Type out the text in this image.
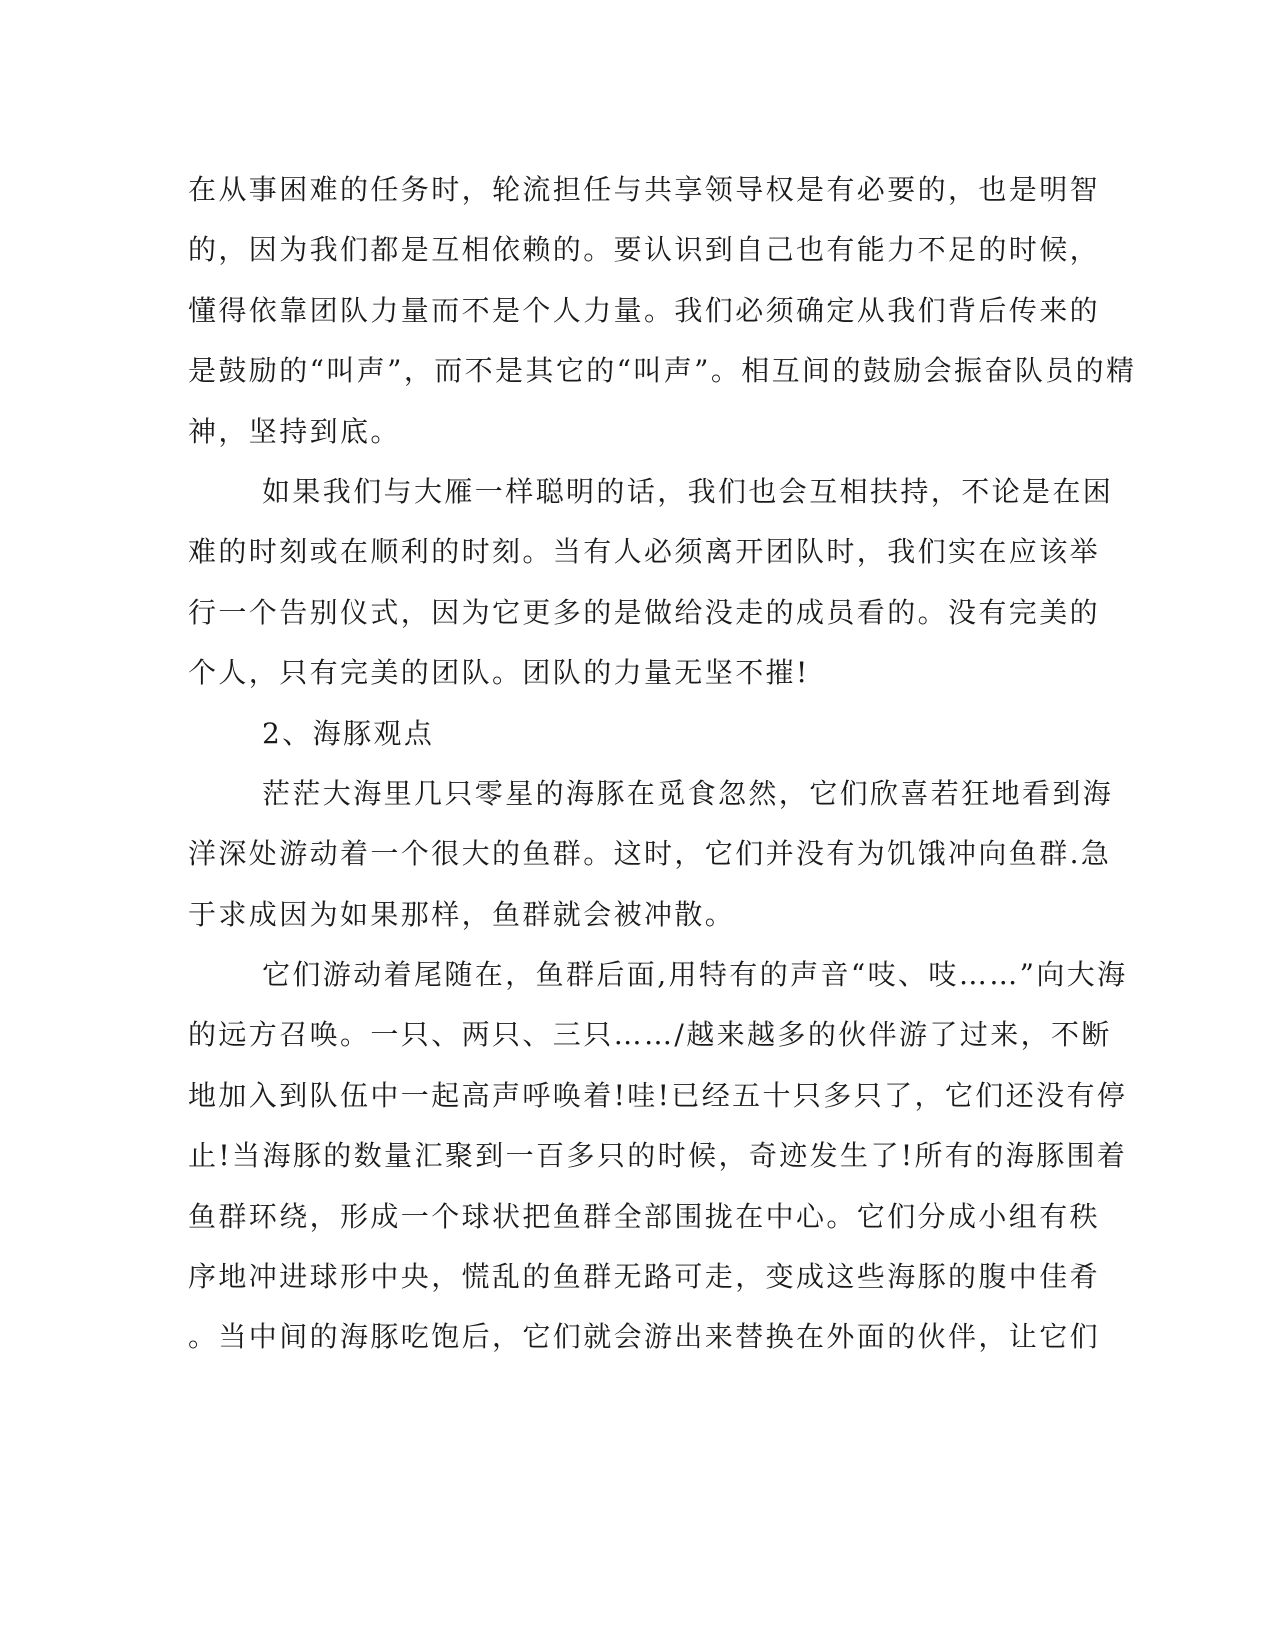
在从事困难的任务时，轮流担任与共享领导权是有必要的，也是明智
的，因为我们都是互相依赖的。要认识到自己也有能力不足的时候，
懂得依靠团队力量而不是个人力量。我们必须确定从我们背后传来的
是鼓励的“叫声”，而不是其它的“叫声”。相互间的鼓励会振奋队员的精
神，坚持到底。
如果我们与大雁一样聪明的话，我们也会互相扶持，不论是在困
难的时刻或在顺利的时刻。当有人必须离开团队时，我们实在应该举
行一个告别仪式，因为它更多的是做给没走的成员看的。没有完美的
个人，只有完美的团队。团队的力量无坚不摧!
2、海豚观点
茫茫大海里几只零星的海豚在觅食忽然，它们欣喜若狂地看到海
洋深处游动着一个很大的鱼群。这时，它们并没有为饥饿冲向鱼群.急
于求成因为如果那样，鱼群就会被冲散。
它们游动着尾随在，鱼群后面,用特有的声音“吱、吱……”向大海
的远方召唤。一只、两只、三只……/越来越多的伙伴游了过来，不断
地加入到队伍中一起高声呼唤着!哇!已经五十只多只了，它们还没有停
止!当海豚的数量汇聚到一百多只的时候，奇迹发生了!所有的海豚围着
鱼群环绕，形成一个球状把鱼群全部围拢在中心。它们分成小组有秩
序地冲进球形中央，慌乱的鱼群无路可走，变成这些海豚的腹中佳肴
。当中间的海豚吃饱后，它们就会游出来替换在外面的伙伴，让它们
